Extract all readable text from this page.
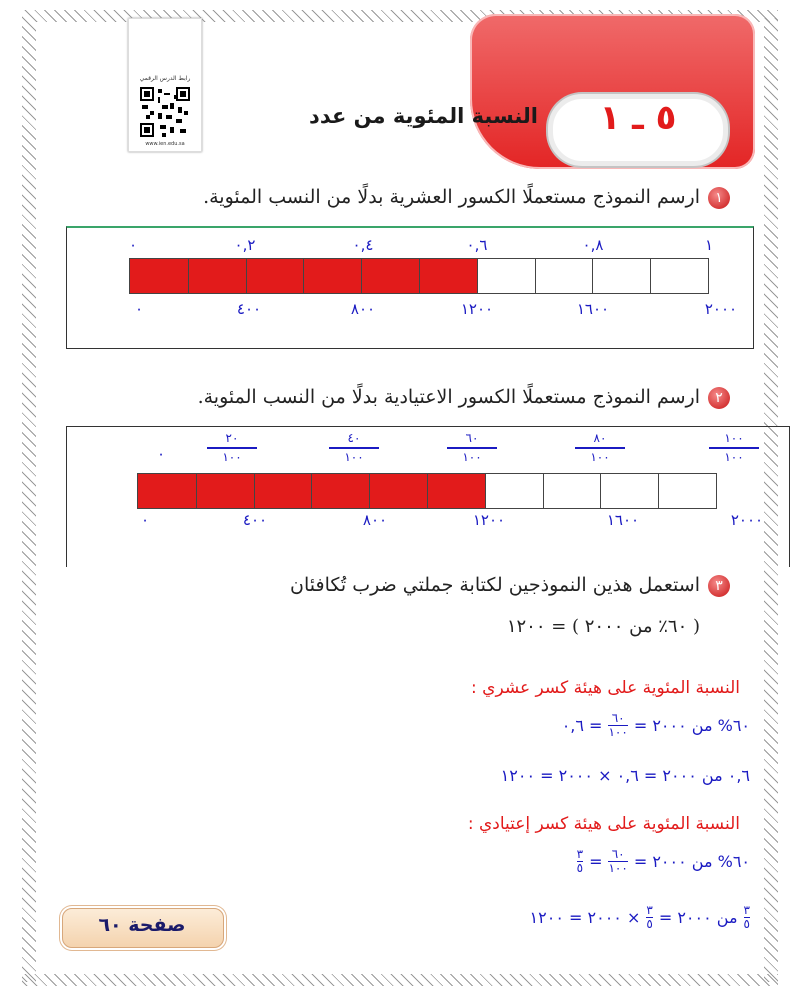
رابط الدرس الرقمي
www.ien.edu.sa
٥ ـ ١
النسبة المئوية من عدد
١ارسم النموذج مستعملًا الكسور العشرية بدلًا من النسب المئوية.
٠	٠,٢	٠,٤	٠,٦	٠,٨	١
٠	٤٠٠	٨٠٠	١٢٠٠	١٦٠٠	٢٠٠٠
٢ارسم النموذج مستعملًا الكسور الاعتيادية بدلًا من النسب المئوية.
٠
٢٠
١٠٠
٤٠
١٠٠
٦٠
١٠٠
٨٠
١٠٠
١٠٠
١٠٠
٠	٤٠٠	٨٠٠	١٢٠٠	١٦٠٠	٢٠٠٠
٣استعمل هذين النموذجين لكتابة جملتي ضرب تُكافئان
( ٦٠٪ من ٢٠٠٠ ) = ١٢٠٠
النسبة المئوية على هيئة كسر عشري :
٦٠% من ٢٠٠٠ =
٦٠
١٠٠
= ٠,٦
٠,٦ من ٢٠٠٠ = ٠,٦ × ٢٠٠٠ = ١٢٠٠
النسبة المئوية على هيئة كسر إعتيادي :
٦٠% من ٢٠٠٠ =
٦٠
١٠٠
=
٣
٥
٣
٥
من ٢٠٠٠ =
٣
٥
× ٢٠٠٠ = ١٢٠٠
صفحة ٦٠
